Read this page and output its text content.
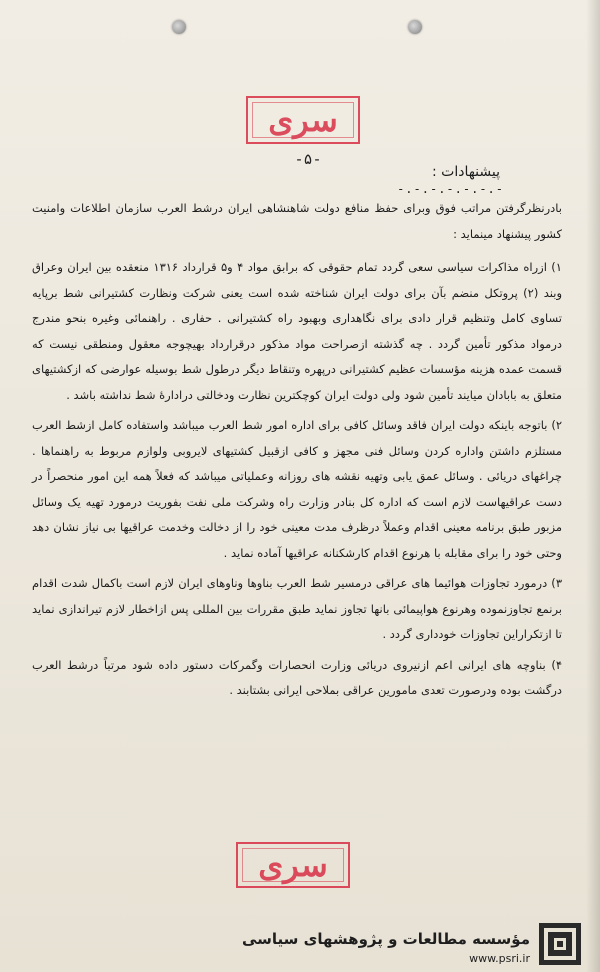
سری
-۵-
پیشنهادات :
-.-.-.-.-.-.-

بادرنظرگرفتن مراتب فوق وبرای حفظ منافع دولت شاهنشاهی ایران درشط العرب سازمان اطلاعات وامنیت کشور پیشنهاد مینماید :

۱) ازراه مذاکرات سیاسی سعی گردد تمام حقوقی که برابق مواد ۴ و۵ قرارداد ۱۳۱۶ منعقده بین ایران وعراق وبند (۲) پروتکل منضم بآن برای دولت ایران شناخته شده است یعنی شرکت ونظارت کشتیرانی شط برپایه تساوی کامل وتنظیم قرار دادی برای نگاهداری وبهبود راه کشتیرانی . حفاری . راهنمائی وغیره بنحو مندرج درمواد مذکور تأمین گردد . چه گذشته ازصراحت مواد مذکور درقرارداد بهیچوجه معقول ومنطقی نیست که قسمت عمده هزینه مؤسسات عظیم کشتیرانی درپهره وتنقاط دیگر درطول شط بوسیله عوارضی که ازکشتیهای متعلق به بابادان میایند تأمین شود ولی دولت ایران کوچکترین نظارت ودخالتی درادارهٔ شط نداشته باشد .

۲) باتوجه باینکه دولت ایران فاقد وسائل کافی برای اداره امور شط العرب میباشد واستفاده کامل ازشط العرب مستلزم داشتن واداره کردن وسائل فنی مجهز و کافی ازقبیل کشتیهای لایروبی ولوازم مربوط به راهنماها . چراغهای دریائی . وسائل عمق یابی وتهیه نقشه های روزانه وعملیاتی میباشد که فعلاً همه این امور منحصراً در دست عراقیهاست لازم است که اداره کل بنادر وزارت راه وشرکت ملی نفت بفوریت درمورد تهیه یک وسائل مزبور طبق برنامه معینی اقدام وعملاً درظرف مدت معینی خود را از دخالت وخدمت عراقیها بی نیاز نشان دهد وحتی خود را برای مقابله با هرنوع اقدام کارشکنانه عراقیها آماده نماید .

۳) درمورد تجاوزات هوائیما های عراقی درمسیر شط العرب بناوها وناوهای ایران لازم است باکمال شدت اقدام برنمع تجاوزنموده وهرنوع هواپیمائی بانها تجاوز نماید طبق مقررات بین المللی پس ازاخطار لازم تیراندازی نماید تا ازتکراراین تجاوزات خودداری گردد .

۴) بناوچه های ایرانی اعم ازنیروی دریائی وزارت انحصارات وگمرکات دستور داده شود مرتباً درشط العرب درگشت بوده ودرصورت تعدی مامورین عراقی بملاحی ایرانی بشتابند .

سری
مؤسسه مطالعات و پژوهشهای سیاسی
www.psri.ir
